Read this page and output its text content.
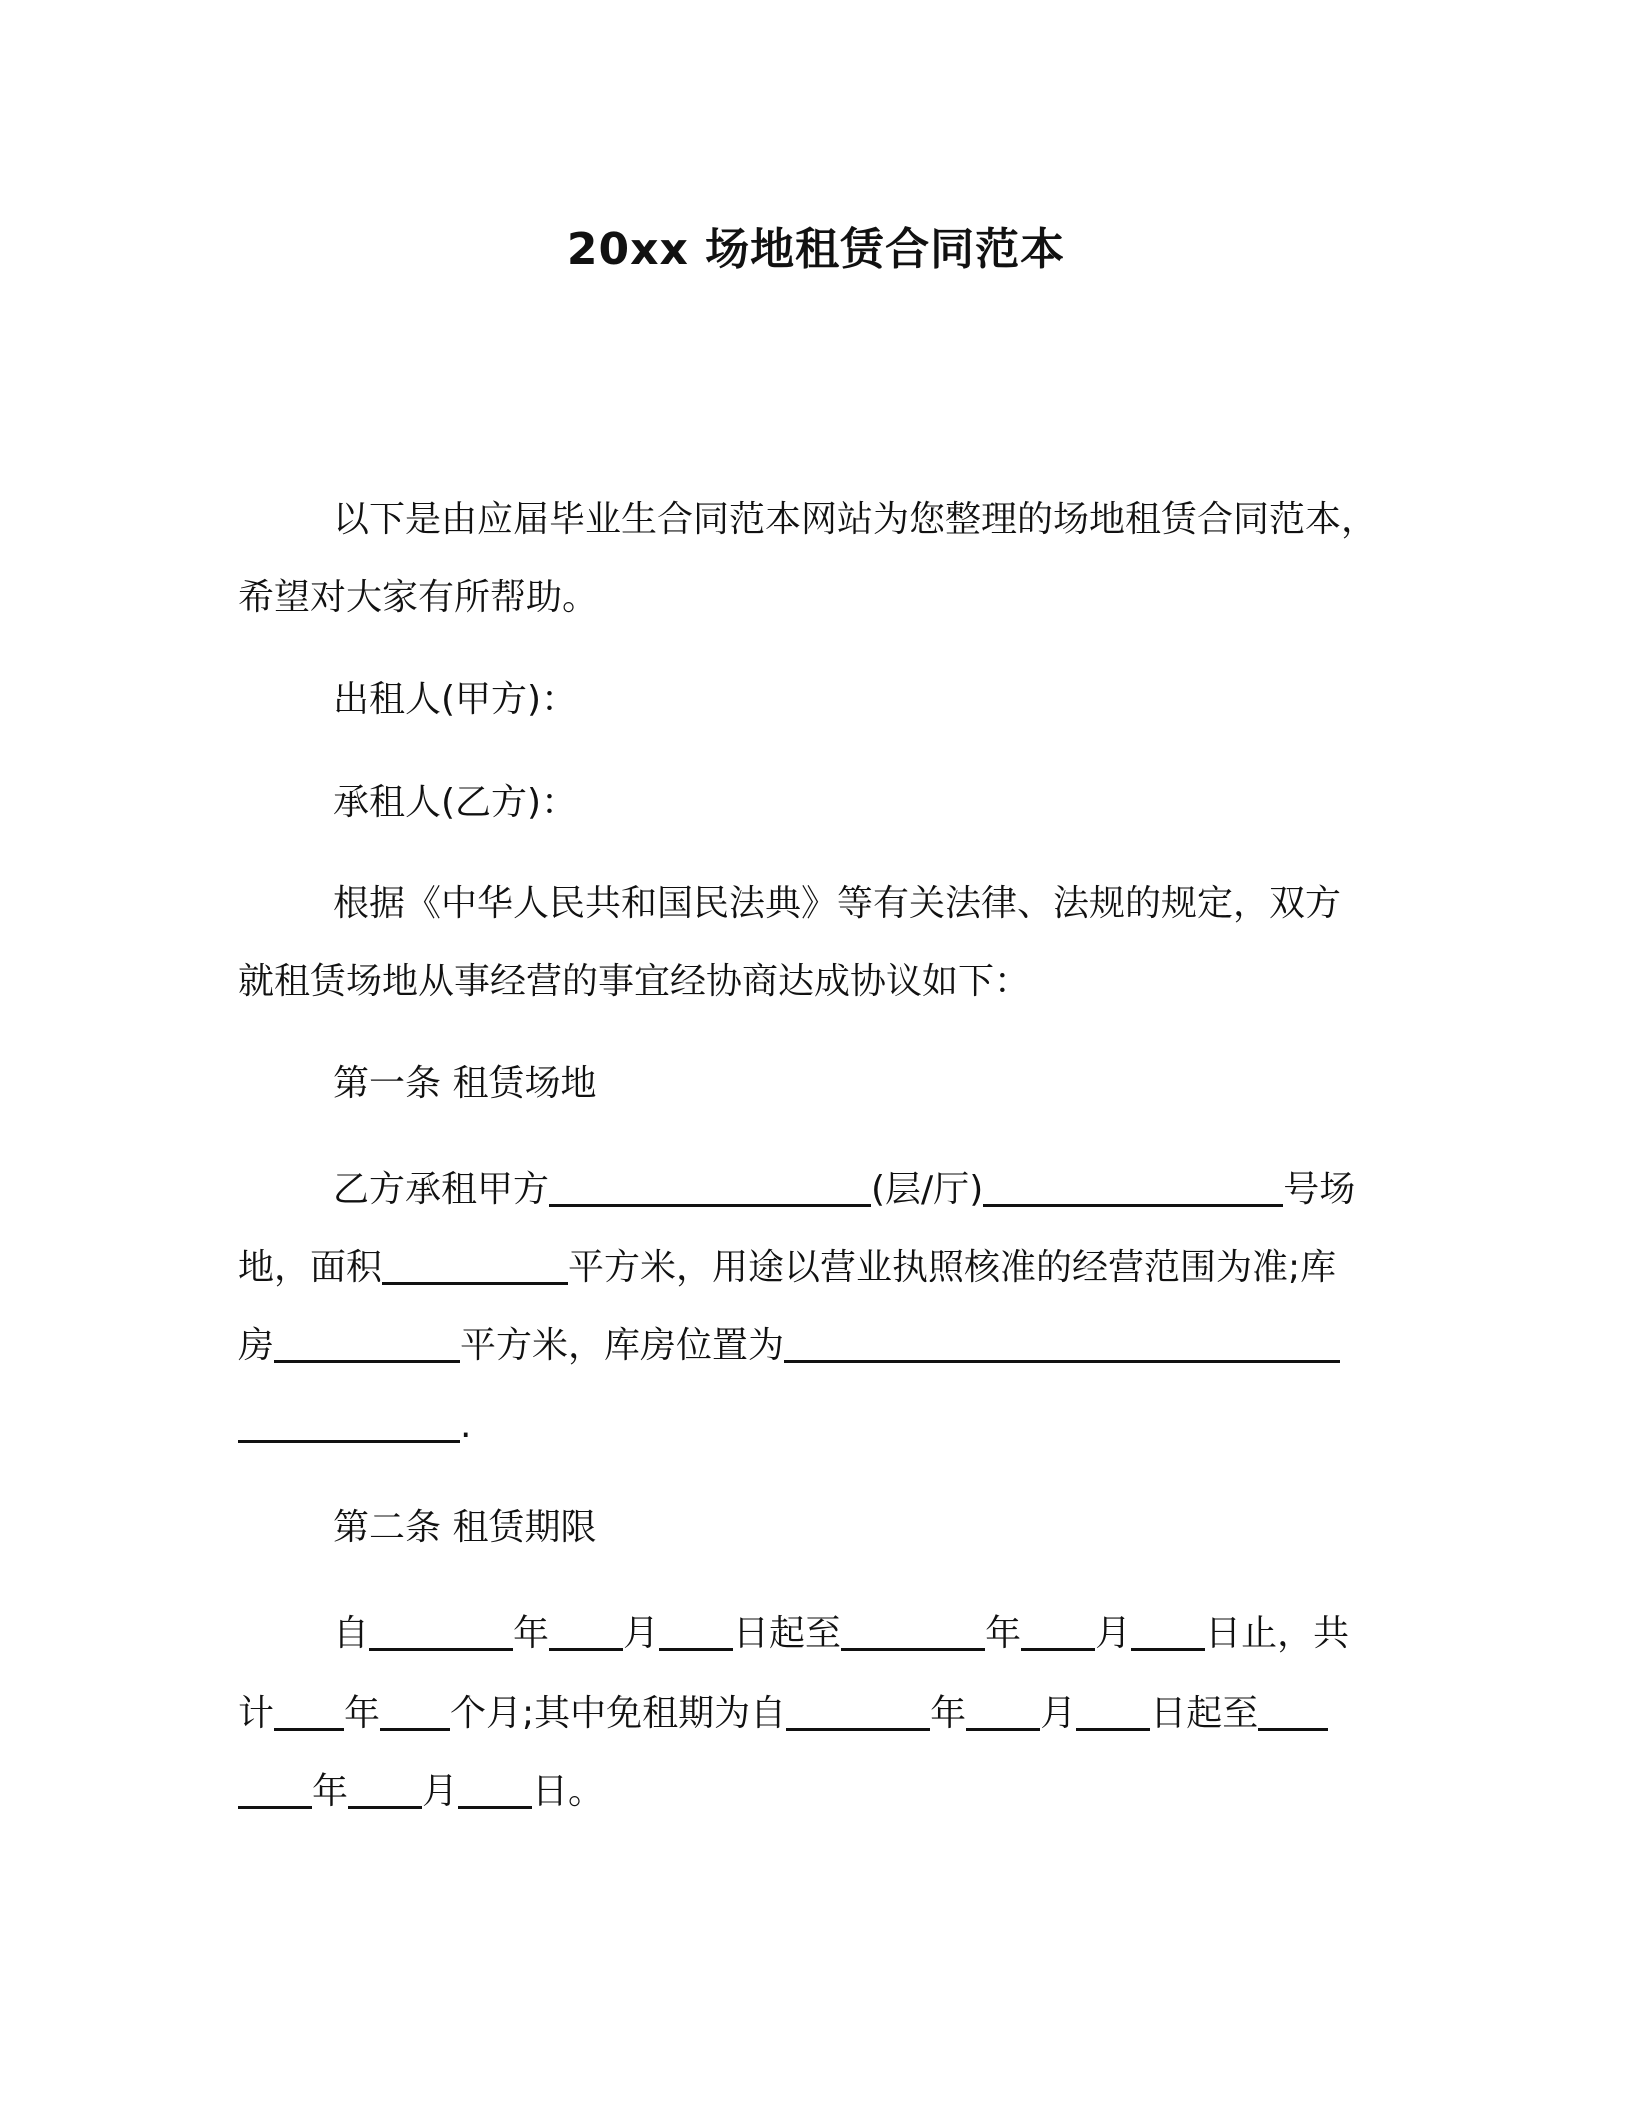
20xx 场地租赁合同范本
以下是由应届毕业生合同范本网站为您整理的场地租赁合同范本，
希望对大家有所帮助。
出租人(甲方)：
承租人(乙方)：
根据《中华人民共和国民法典》等有关法律、法规的规定，双方
就租赁场地从事经营的事宜经协商达成协议如下：
第一条 租赁场地
乙方承租甲方	(层/厅)	号场
地，面积	平方米，用途以营业执照核准的经营范围为准;库
房	平方米，库房位置为
.
第二条 租赁期限
自	年 月 日起至	年 月 日止，共
计 年 个月;其中免租期为自	年 月 日起至
年 月 日。
